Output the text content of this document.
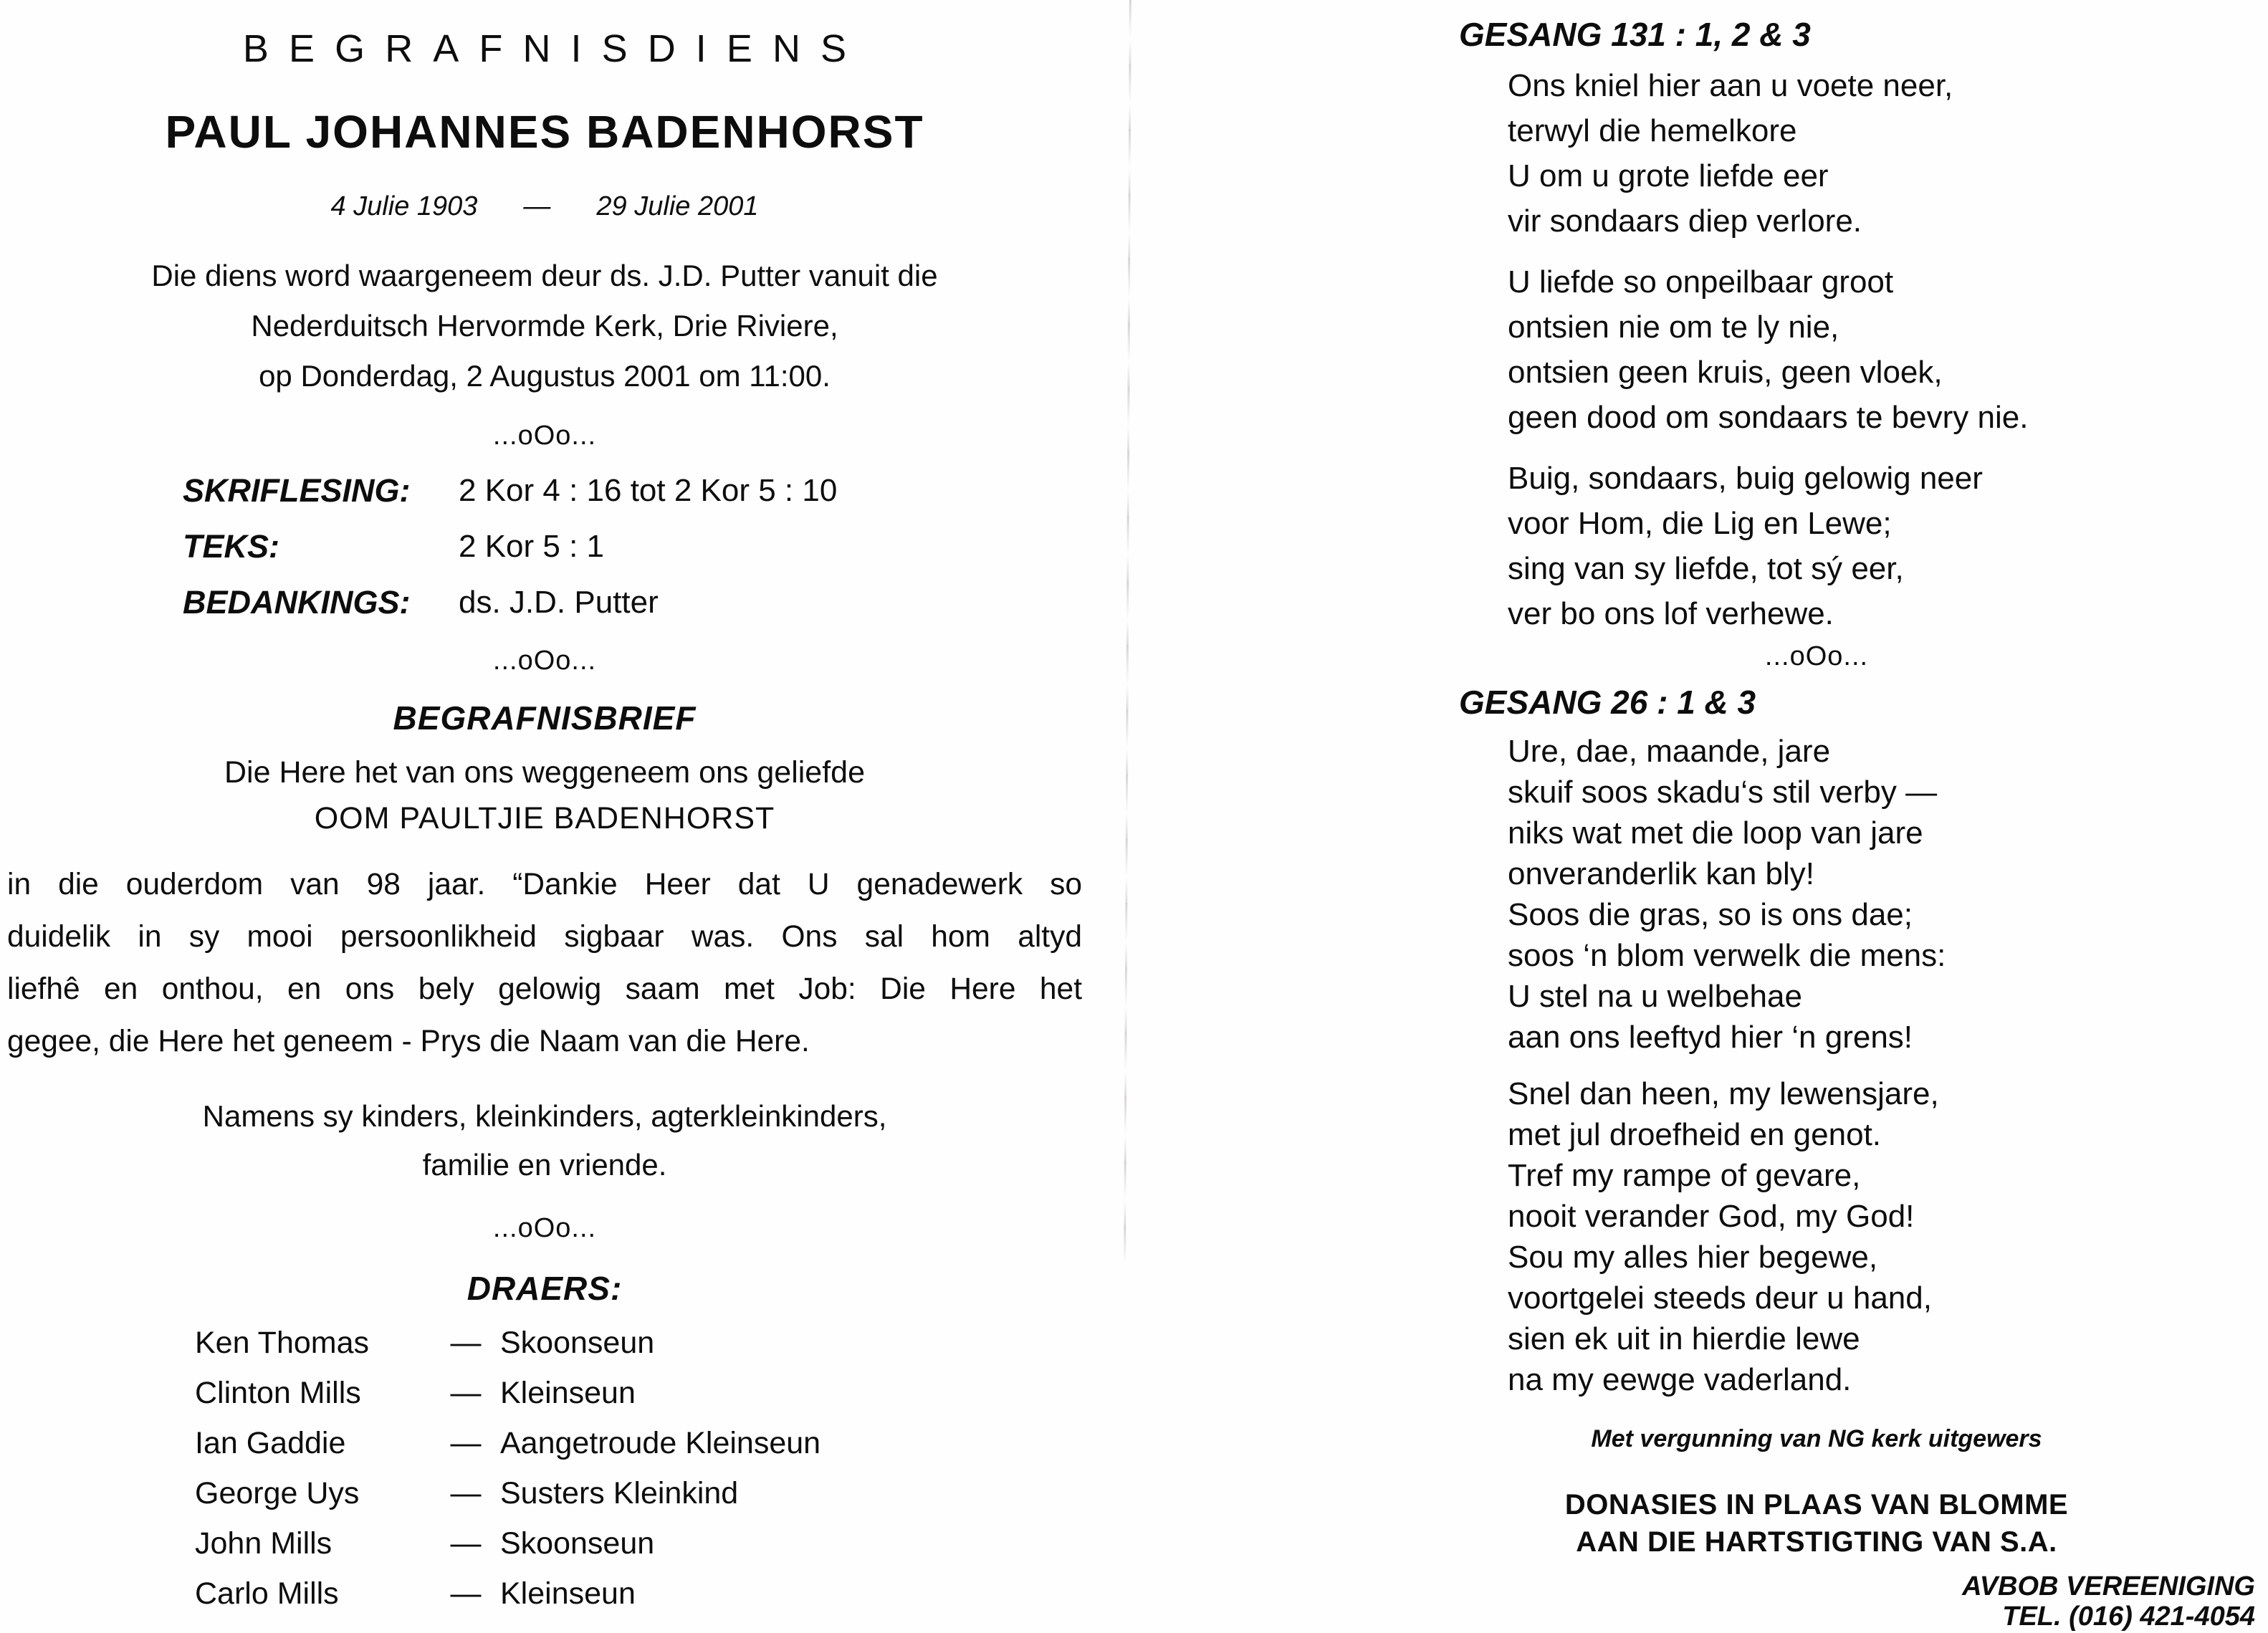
BEGRAFNISDIENS
PAUL JOHANNES BADENHORST
4 Julie 1903 — 29 Julie 2001
Die diens word waargeneem deur ds. J.D. Putter vanuit die
Nederduitsch Hervormde Kerk, Drie Riviere,
op Donderdag, 2 Augustus 2001 om 11:00.
...oOo...
SKRIFLESING:	2 Kor 4 : 16 tot 2 Kor 5 : 10
TEKS:	2 Kor 5 : 1
BEDANKINGS:	ds. J.D. Putter
...oOo...
BEGRAFNISBRIEF
Die Here het van ons weggeneem ons geliefde
OOM PAULTJIE BADENHORST
in die ouderdom van 98 jaar. “Dankie Heer dat U genadewerk so
duidelik in sy mooi persoonlikheid sigbaar was. Ons sal hom altyd
liefhê en onthou, en ons bely gelowig saam met Job: Die Here het
gegee, die Here het geneem - Prys die Naam van die Here.
Namens sy kinders, kleinkinders, agterkleinkinders,
familie en vriende.
...oOo...
DRAERS:
Ken Thomas	— Skoonseun
Clinton Mills	— Kleinseun
Ian Gaddie	— Aangetroude Kleinseun
George Uys	— Susters Kleinkind
John Mills	— Skoonseun
Carlo Mills	— Kleinseun
GESANG 131 : 1, 2 & 3
Ons kniel hier aan u voete neer,
terwyl die hemelkore
U om u grote liefde eer
vir sondaars diep verlore.
U liefde so onpeilbaar groot
ontsien nie om te ly nie,
ontsien geen kruis, geen vloek,
geen dood om sondaars te bevry nie.
Buig, sondaars, buig gelowig neer
voor Hom, die Lig en Lewe;
sing van sy liefde, tot sý eer,
ver bo ons lof verhewe.
...oOo...
GESANG 26 : 1 & 3
Ure, dae, maande, jare
skuif soos skadu‘s stil verby —
niks wat met die loop van jare
onveranderlik kan bly!
Soos die gras, so is ons dae;
soos ‘n blom verwelk die mens:
U stel na u welbehae
aan ons leeftyd hier ‘n grens!
Snel dan heen, my lewensjare,
met jul droefheid en genot.
Tref my rampe of gevare,
nooit verander God, my God!
Sou my alles hier begewe,
voortgelei steeds deur u hand,
sien ek uit in hierdie lewe
na my eewge vaderland.
Met vergunning van NG kerk uitgewers
DONASIES IN PLAAS VAN BLOMME
AAN DIE HARTSTIGTING VAN S.A.
AVBOB VEREENIGING
TEL. (016) 421-4054
